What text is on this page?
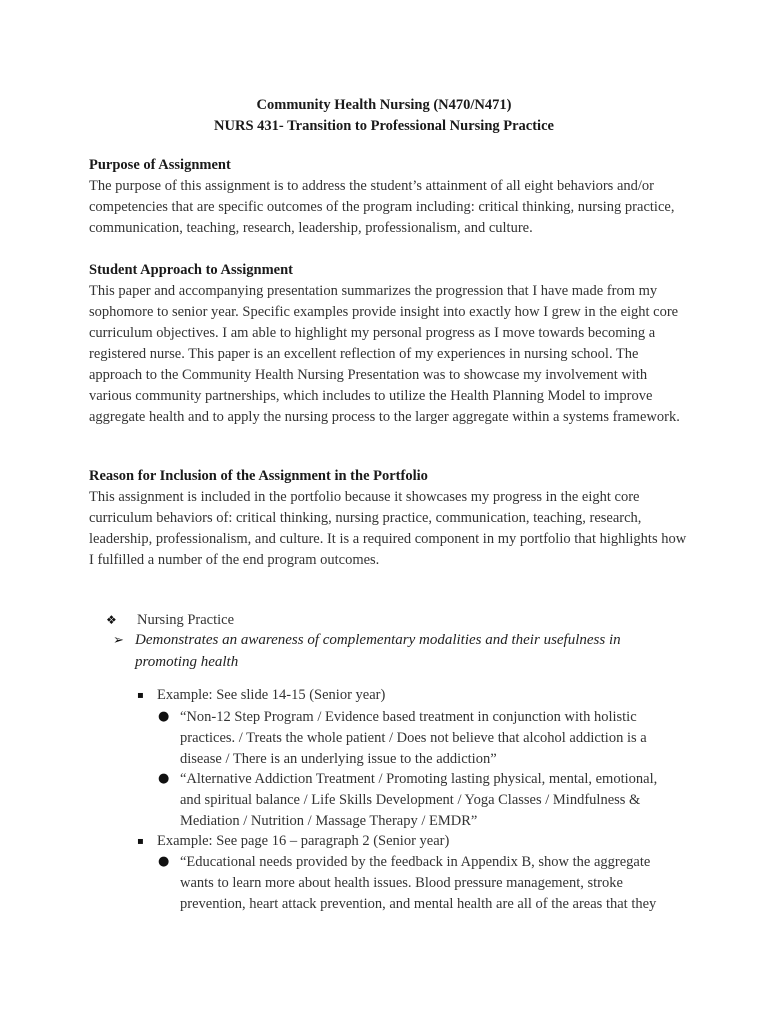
Community Health Nursing (N470/N471)
NURS 431- Transition to Professional Nursing Practice
Purpose of Assignment
The purpose of this assignment is to address the student’s attainment of all eight behaviors and/or competencies that are specific outcomes of the program including: critical thinking, nursing practice, communication, teaching, research, leadership, professionalism, and culture.
Student Approach to Assignment
This paper and accompanying presentation summarizes the progression that I have made from my sophomore to senior year. Specific examples provide insight into exactly how I grew in the eight core curriculum objectives. I am able to highlight my personal progress as I move towards becoming a registered nurse. This paper is an excellent reflection of my experiences in nursing school. The approach to the Community Health Nursing Presentation was to showcase my involvement with various community partnerships, which includes to utilize the Health Planning Model to improve aggregate health and to apply the nursing process to the larger aggregate within a systems framework.
Reason for Inclusion of the Assignment in the Portfolio
This assignment is included in the portfolio because it showcases my progress in the eight core curriculum behaviors of: critical thinking, nursing practice, communication, teaching, research, leadership, professionalism, and culture. It is a required component in my portfolio that highlights how I fulfilled a number of the end program outcomes.
❖ Nursing Practice
➢ Demonstrates an awareness of complementary modalities and their usefulness in promoting health
▪ Example: See slide 14-15 (Senior year)
● “Non-12 Step Program / Evidence based treatment in conjunction with holistic practices. / Treats the whole patient / Does not believe that alcohol addiction is a disease / There is an underlying issue to the addiction”
● “Alternative Addiction Treatment / Promoting lasting physical, mental, emotional, and spiritual balance / Life Skills Development / Yoga Classes / Mindfulness & Mediation / Nutrition / Massage Therapy / EMDR”
▪ Example: See page 16 – paragraph 2 (Senior year)
● “Educational needs provided by the feedback in Appendix B, show the aggregate wants to learn more about health issues. Blood pressure management, stroke prevention, heart attack prevention, and mental health are all of the areas that they
